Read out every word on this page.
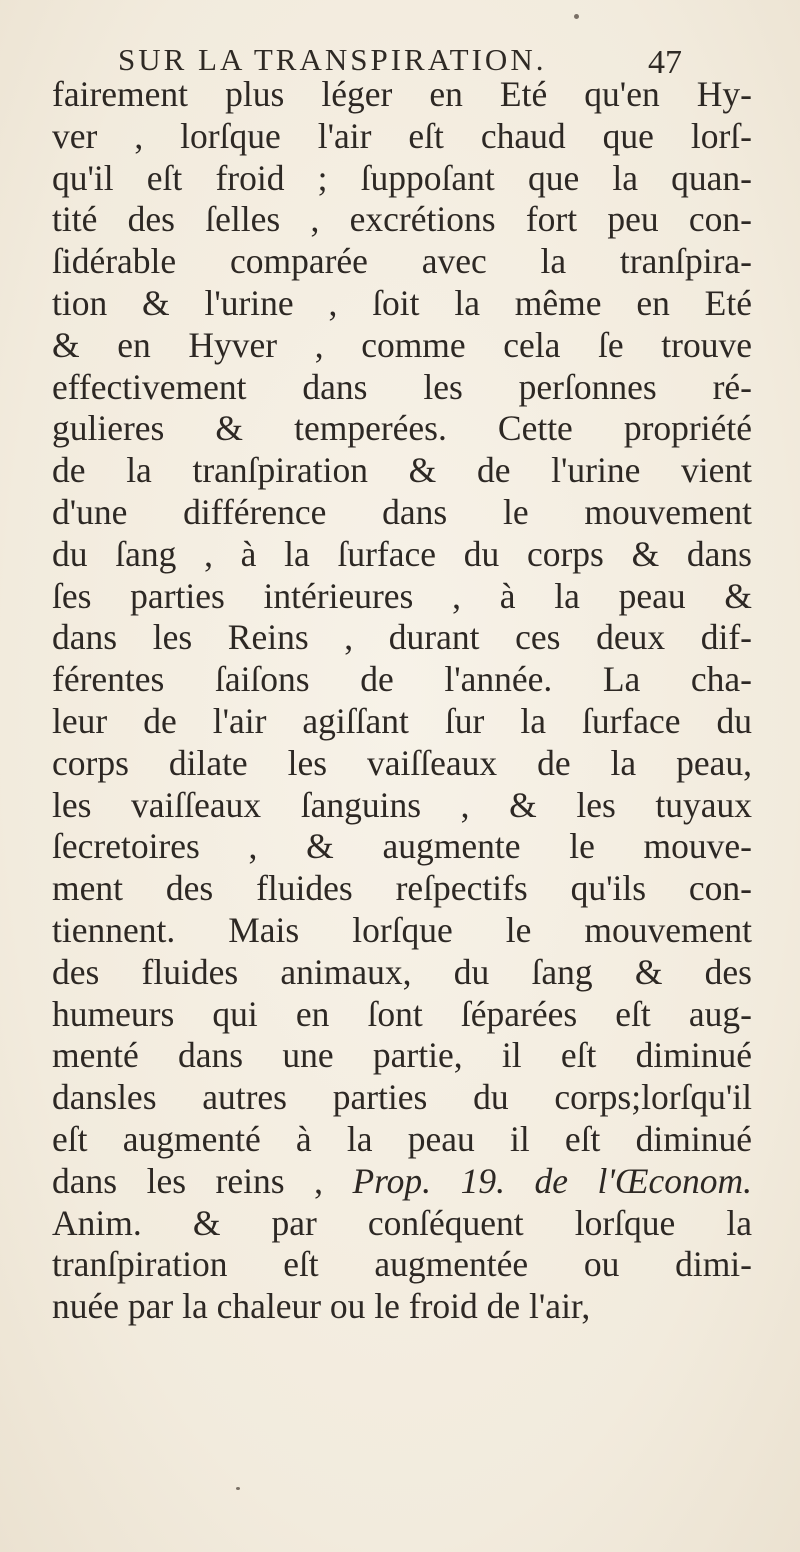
SUR LA TRANSPIRATION.	47
fairement plus léger en Eté qu'en Hy-
ver , lorſque l'air eſt chaud que lorſ-
qu'il eſt froid ; ſuppoſant que la quan-
tité des ſelles , excrétions fort peu con-
ſidérable comparée avec la tranſpira-
tion & l'urine , ſoit la même en Eté
& en Hyver , comme cela ſe trouve
effectivement dans les perſonnes ré-
gulieres & temperées. Cette propriété
de la tranſpiration & de l'urine vient
d'une différence dans le mouvement
du ſang , à la ſurface du corps & dans
ſes parties intérieures , à la peau &
dans les Reins , durant ces deux dif-
férentes ſaiſons de l'année. La cha-
leur de l'air agiſſant ſur la ſurface du
corps dilate les vaiſſeaux de la peau,
les vaiſſeaux ſanguins , & les tuyaux
ſecretoires , & augmente le mouve-
ment des fluides reſpectifs qu'ils con-
tiennent. Mais lorſque le mouvement
des fluides animaux, du ſang & des
humeurs qui en ſont ſéparées eſt aug-
menté dans une partie, il eſt diminué
dansles autres parties du corps;lorſqu'il
eſt augmenté à la peau il eſt diminué
dans les reins , Prop. 19. de l'Œconom.
Anim. & par conſéquent lorſque la
tranſpiration eſt augmentée ou dimi-
nuée par la chaleur ou le froid de l'air,
